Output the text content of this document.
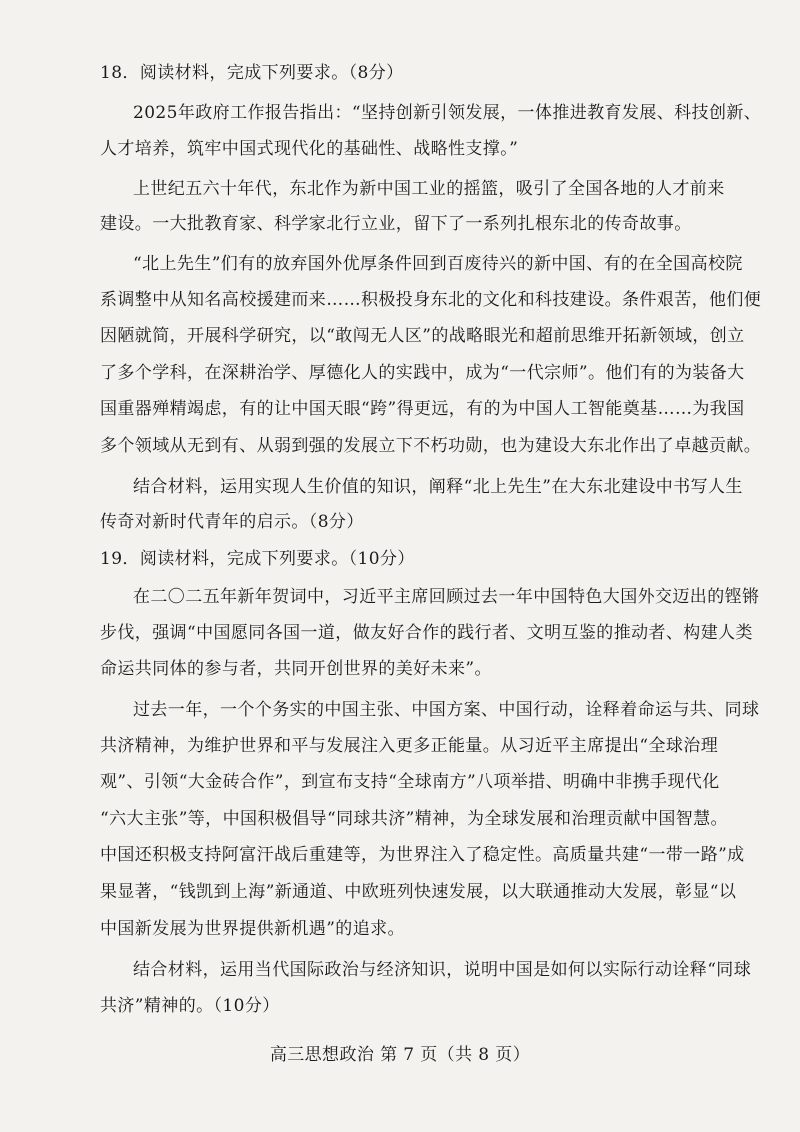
18．阅读材料，完成下列要求。（8分）
2025年政府工作报告指出：“坚持创新引领发展，一体推进教育发展、科技创新、
人才培养，筑牢中国式现代化的基础性、战略性支撑。”
上世纪五六十年代，东北作为新中国工业的摇篮，吸引了全国各地的人才前来
建设。一大批教育家、科学家北行立业，留下了一系列扎根东北的传奇故事。
“北上先生”们有的放弃国外优厚条件回到百废待兴的新中国、有的在全国高校院
系调整中从知名高校援建而来……积极投身东北的文化和科技建设。条件艰苦，他们便
因陋就简，开展科学研究，以“敢闯无人区”的战略眼光和超前思维开拓新领域，创立
了多个学科，在深耕治学、厚德化人的实践中，成为“一代宗师”。他们有的为装备大
国重器殚精竭虑，有的让中国天眼“跨”得更远，有的为中国人工智能奠基……为我国
多个领域从无到有、从弱到强的发展立下不朽功勋，也为建设大东北作出了卓越贡献。
结合材料，运用实现人生价值的知识，阐释“北上先生”在大东北建设中书写人生
传奇对新时代青年的启示。（8分）
19．阅读材料，完成下列要求。（10分）
在二〇二五年新年贺词中，习近平主席回顾过去一年中国特色大国外交迈出的铿锵
步伐，强调“中国愿同各国一道，做友好合作的践行者、文明互鉴的推动者、构建人类
命运共同体的参与者，共同开创世界的美好未来”。
过去一年，一个个务实的中国主张、中国方案、中国行动，诠释着命运与共、同球
共济精神，为维护世界和平与发展注入更多正能量。从习近平主席提出“全球治理
观”、引领“大金砖合作”，到宣布支持“全球南方”八项举措、明确中非携手现代化
“六大主张”等，中国积极倡导“同球共济”精神，为全球发展和治理贡献中国智慧。
中国还积极支持阿富汗战后重建等，为世界注入了稳定性。高质量共建“一带一路”成
果显著，“钱凯到上海”新通道、中欧班列快速发展，以大联通推动大发展，彰显“以
中国新发展为世界提供新机遇”的追求。
结合材料，运用当代国际政治与经济知识，说明中国是如何以实际行动诠释“同球
共济”精神的。（10分）
高三思想政治 第 7 页（共 8 页）
